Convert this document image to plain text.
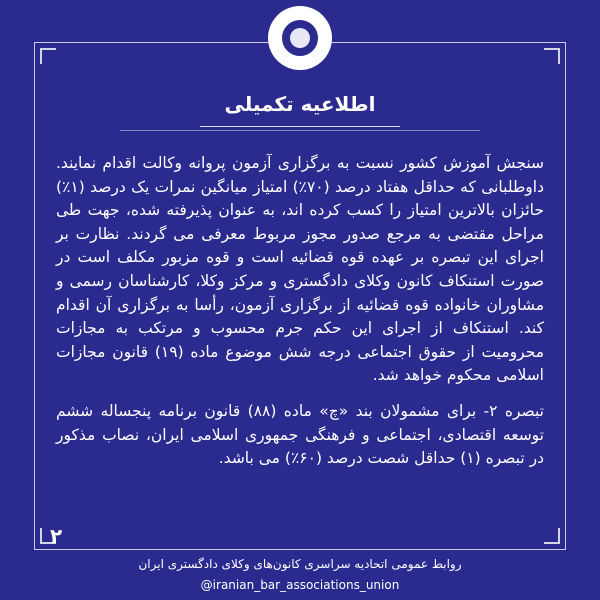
اطلاعیه تکمیلی

سنجش آموزش کشور نسبت به برگزاری آزمون پروانه وکالت اقدام نمایند. داوطلبانی که حداقل هفتاد درصد (۷۰٪) امتیاز میانگین نمرات یک درصد (۱٪) حائزان بالاترین امتیاز را کسب کرده اند، به عنوان پذیرفته شده، جهت طی مراحل مقتضی به مرجع صدور مجوز مربوط معرفی می گردند. نظارت بر اجرای این تبصره بر عهده قوه قضائیه است و قوه مزبور مکلف است در صورت استنکاف کانون وکلای دادگستری و مرکز وکلا، کارشناسان رسمی و مشاوران خانواده قوه قضائیه از برگزاری آزمون، رأسا به برگزاری آن اقدام کند. استنکاف از اجرای این حکم جرم محسوب و مرتکب به مجازات محرومیت از حقوق اجتماعی درجه شش موضوع ماده (۱۹) قانون مجازات اسلامی محکوم خواهد شد.

تبصره ۲- برای مشمولان بند «چ» ماده (۸۸) قانون برنامه پنجساله ششم توسعه اقتصادی، اجتماعی و فرهنگی جمهوری اسلامی ایران، نصاب مذکور در تبصره (۱) حداقل شصت درصد (۶۰٪) می باشد.

۲
روابط عمومی اتحادیه سراسری کانون‌های وکلای دادگستری ایران
@iranian_bar_associations_union
